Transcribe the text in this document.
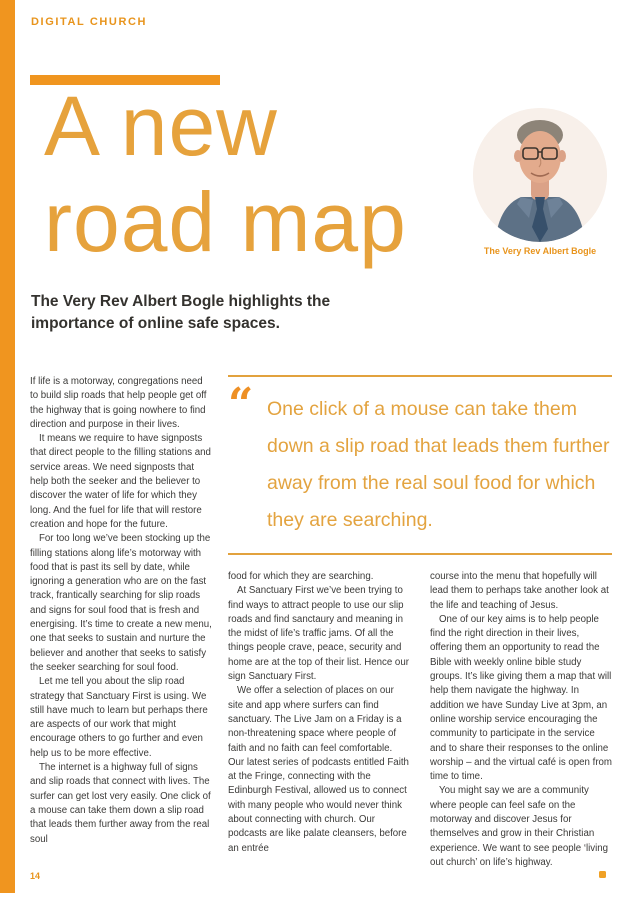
DIGITAL CHURCH
A new
road map	The Very Rev Albert Bogle

The Very Rev Albert Bogle highlights the importance of online safe spaces.

“ One click of a mouse can take them down a slip road that leads them further away from the real soul food for which they are searching.

If life is a motorway, congregations need to build slip roads that help people get off the highway that is going nowhere to find direction and purpose in their lives.

It means we require to have signposts that direct people to the filling stations and service areas. We need signposts that help both the seeker and the believer to discover the water of life for which they long. And the fuel for life that will restore creation and hope for the future.

For too long we’ve been stocking up the filling stations along life’s motorway with food that is past its sell by date, while ignoring a generation who are on the fast track, frantically searching for slip roads and signs for soul food that is fresh and energising. It’s time to create a new menu, one that seeks to sustain and nurture the believer and another that seeks to satisfy the seeker searching for soul food.

Let me tell you about the slip road strategy that Sanctuary First is using. We still have much to learn but perhaps there are aspects of our work that might encourage others to go further and even help us to be more effective.

The internet is a highway full of signs and slip roads that connect with lives. The surfer can get lost very easily. One click of a mouse can take them down a slip road that leads them further away from the real soul

food for which they are searching.

At Sanctuary First we’ve been trying to find ways to attract people to use our slip roads and find sanctaury and meaning in the midst of life’s traffic jams. Of all the things people crave, peace, security and home are at the top of their list. Hence our sign Sanctuary First.

We offer a selection of places on our site and app where surfers can find sanctuary. The Live Jam on a Friday is a non-threatening space where people of faith and no faith can feel comfortable. Our latest series of podcasts entitled Faith at the Fringe, connecting with the Edinburgh Festival, allowed us to connect with many people who would never think about connecting with church. Our podcasts are like palate cleansers, before an entrée

course into the menu that hopefully will lead them to perhaps take another look at the life and teaching of Jesus.

One of our key aims is to help people find the right direction in their lives, offering them an opportunity to read the Bible with weekly online bible study groups. It’s like giving them a map that will help them navigate the highway. In addition we have Sunday Live at 3pm, an online worship service encouraging the community to participate in the service and to share their responses to the online worship – and the virtual café is open from time to time.

You might say we are a community where people can feel safe on the motorway and discover Jesus for themselves and grow in their Christian experience. We want to see people ‘living out church’ on life’s highway.

14
